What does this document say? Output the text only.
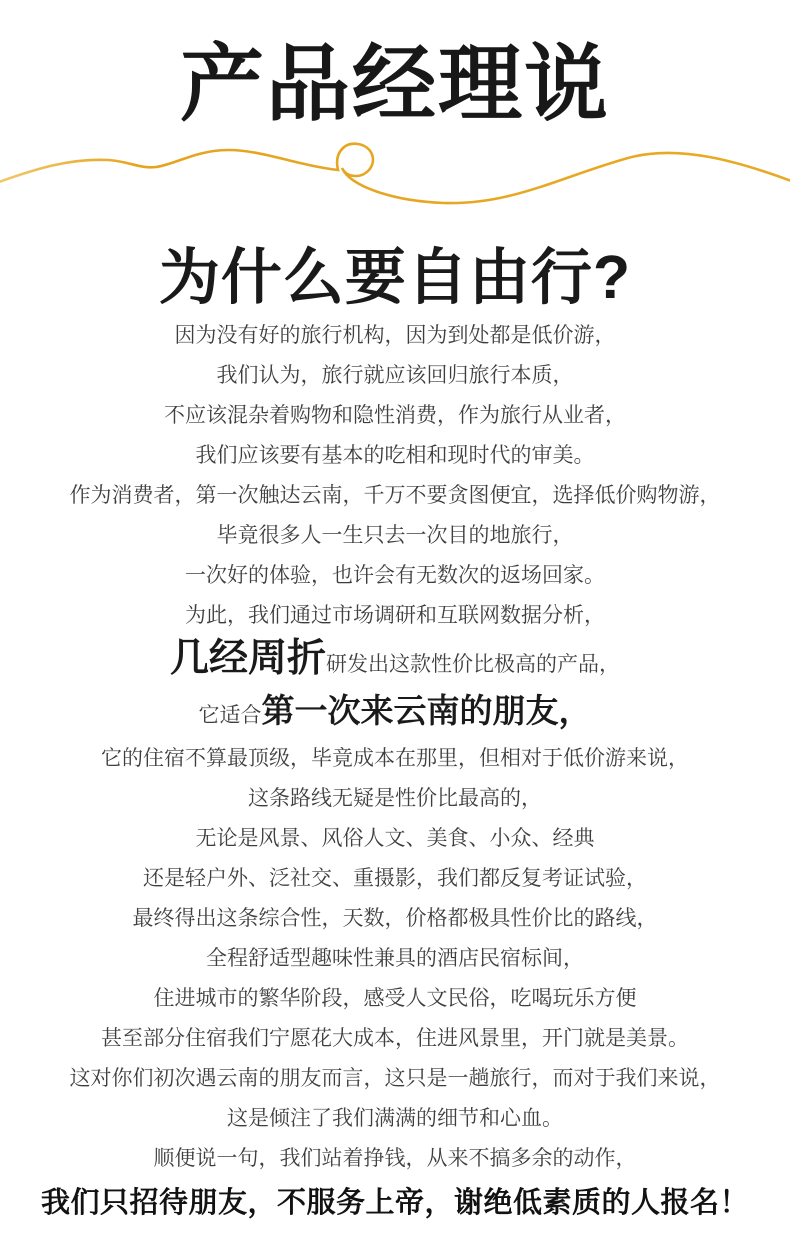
产品经理说
为什么要自由行?
因为没有好的旅行机构，因为到处都是低价游，
我们认为，旅行就应该回归旅行本质，
不应该混杂着购物和隐性消费，作为旅行从业者，
我们应该要有基本的吃相和现时代的审美。
作为消费者，第一次触达云南，千万不要贪图便宜，选择低价购物游，
毕竟很多人一生只去一次目的地旅行，
一次好的体验，也许会有无数次的返场回家。
为此，我们通过市场调研和互联网数据分析，
几经周折研发出这款性价比极高的产品，
它适合第一次来云南的朋友，
它的住宿不算最顶级，毕竟成本在那里，但相对于低价游来说，
这条路线无疑是性价比最高的，
无论是风景、风俗人文、美食、小众、经典
还是轻户外、泛社交、重摄影，我们都反复考证试验，
最终得出这条综合性，天数，价格都极具性价比的路线，
全程舒适型趣味性兼具的酒店民宿标间，
住进城市的繁华阶段，感受人文民俗，吃喝玩乐方便
甚至部分住宿我们宁愿花大成本，住进风景里，开门就是美景。
这对你们初次遇云南的朋友而言，这只是一趟旅行，而对于我们来说，
这是倾注了我们满满的细节和心血。
顺便说一句，我们站着挣钱，从来不搞多余的动作，
我们只招待朋友，不服务上帝，谢绝低素质的人报名！
